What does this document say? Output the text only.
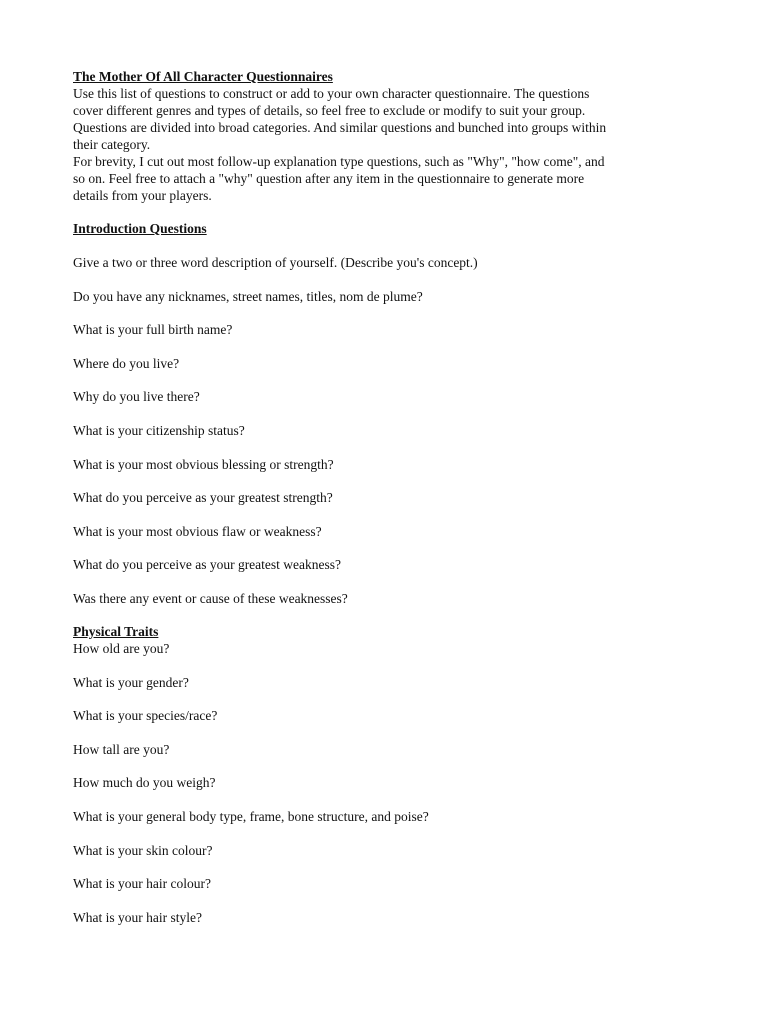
The Mother Of All Character Questionnaires
Use this list of questions to construct or add to your own character questionnaire. The questions
cover different genres and types of details, so feel free to exclude or modify to suit your group.
Questions are divided into broad categories. And similar questions and bunched into groups within
their category.
For brevity, I cut out most follow-up explanation type questions, such as "Why", "how come", and
so on. Feel free to attach a "why" question after any item in the questionnaire to generate more
details from your players.
Introduction Questions
Give a two or three word description of yourself. (Describe you's concept.)
Do you have any nicknames, street names, titles, nom de plume?
What is your full birth name?
Where do you live?
Why do you live there?
What is your citizenship status?
What is your most obvious blessing or strength?
What do you perceive as your greatest strength?
What is your most obvious flaw or weakness?
What do you perceive as your greatest weakness?
Was there any event or cause of these weaknesses?
Physical Traits
How old are you?
What is your gender?
What is your species/race?
How tall are you?
How much do you weigh?
What is your general body type, frame, bone structure, and poise?
What is your skin colour?
What is your hair colour?
What is your hair style?
